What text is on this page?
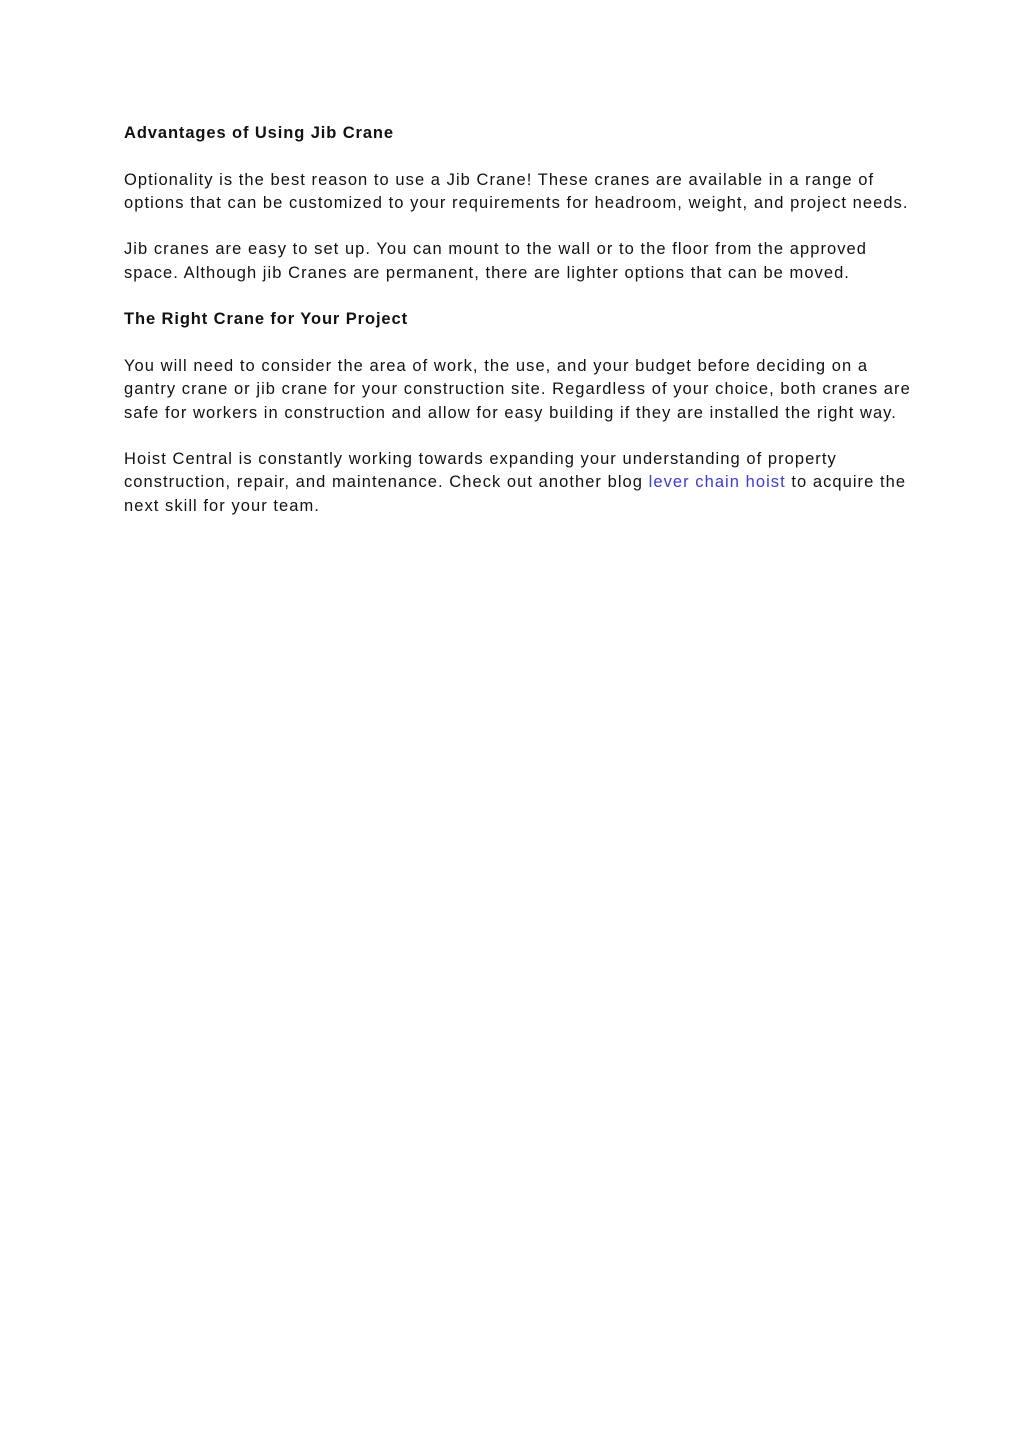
Advantages of Using Jib Crane
Optionality is the best reason to use a Jib Crane! These cranes are available in a range of options that can be customized to your requirements for headroom, weight, and project needs.
Jib cranes are easy to set up. You can mount to the wall or to the floor from the approved space. Although jib Cranes are permanent, there are lighter options that can be moved.
The Right Crane for Your Project
You will need to consider the area of work, the use, and your budget before deciding on a gantry crane or jib crane for your construction site. Regardless of your choice, both cranes are safe for workers in construction and allow for easy building if they are installed the right way.
Hoist Central is constantly working towards expanding your understanding of property construction, repair, and maintenance. Check out another blog lever chain hoist to acquire the next skill for your team.
